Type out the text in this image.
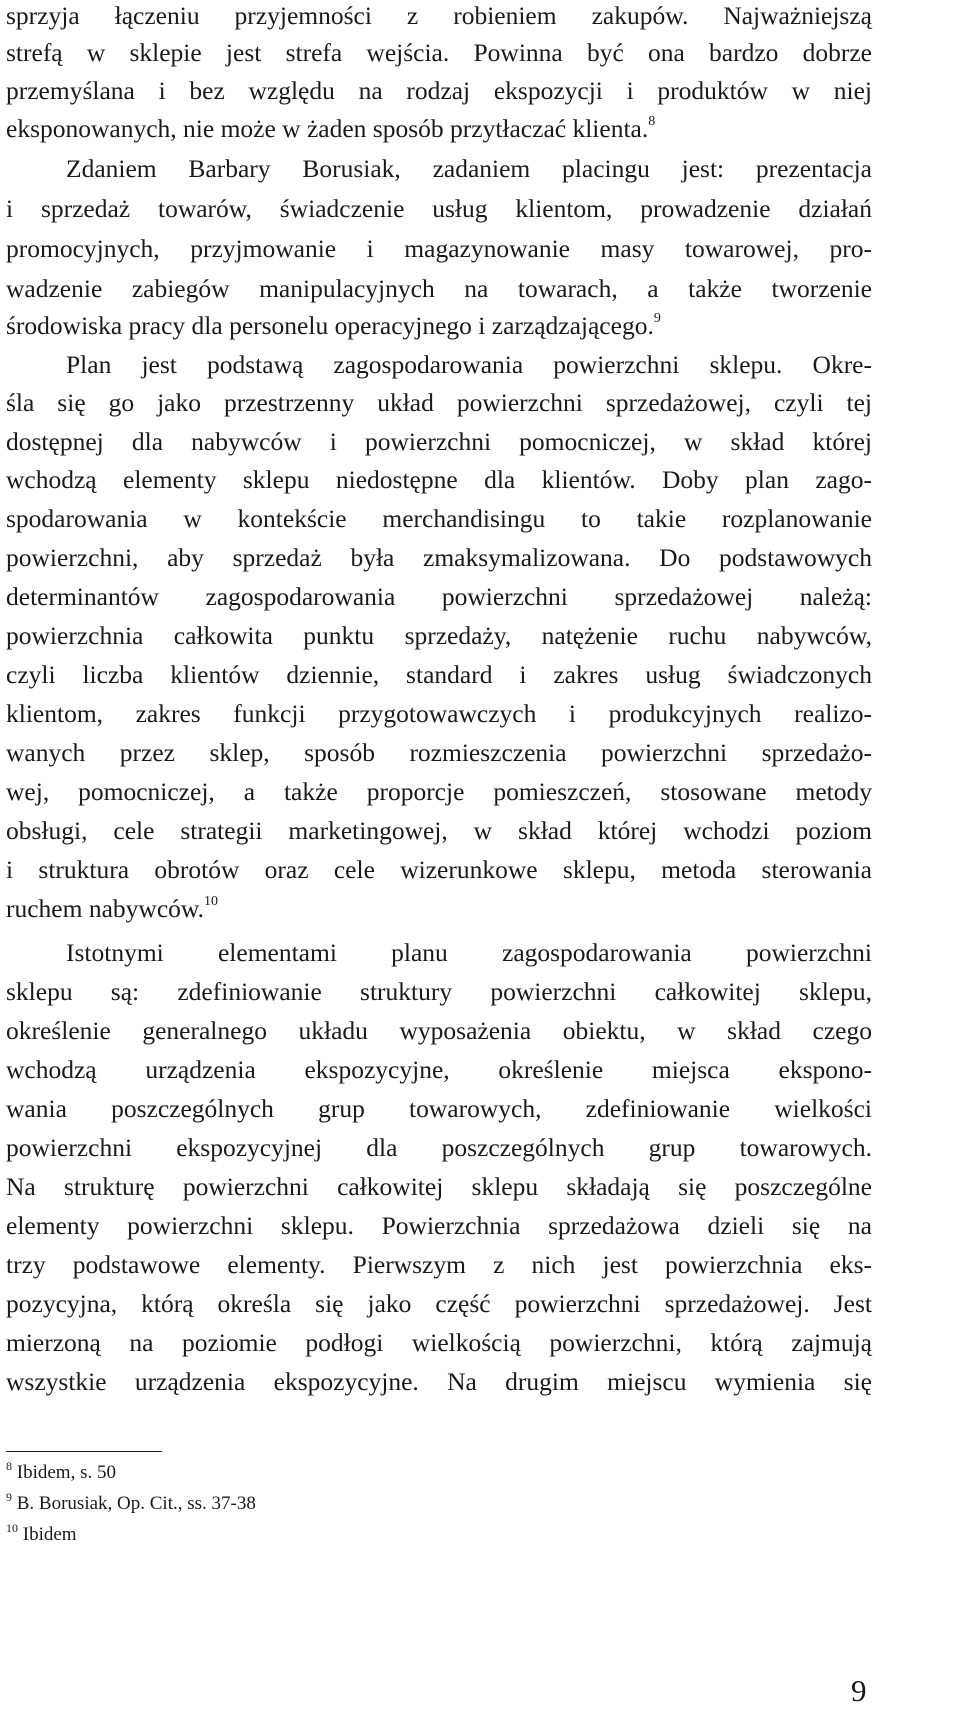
sprzyja łączeniu przyjemności z robieniem zakupów. Najważniejszą
strefą w sklepie jest strefa wejścia. Powinna być ona bardzo dobrze
przemyślana i bez względu na rodzaj ekspozycji i produktów w niej
eksponowanych, nie może w żaden sposób przytłaczać klienta.$^8$
Zdaniem Barbary Borusiak, zadaniem placingu jest: prezentacja
i sprzedaż towarów, świadczenie usług klientom, prowadzenie działań
promocyjnych, przyjmowanie i magazynowanie masy towarowej, pro-
wadzenie zabiegów manipulacyjnych na towarach, a także tworzenie
środowiska pracy dla personelu operacyjnego i zarządzającego.$^9$
Plan jest podstawą zagospodarowania powierzchni sklepu. Okre-
śla się go jako przestrzenny układ powierzchni sprzedażowej, czyli tej
dostępnej dla nabywców i powierzchni pomocniczej, w skład której
wchodzą elementy sklepu niedostępne dla klientów. Doby plan zago-
spodarowania w kontekście merchandisingu to takie rozplanowanie
powierzchni, aby sprzedaż była zmaksymalizowana. Do podstawowych
determinantów zagospodarowania powierzchni sprzedażowej należą:
powierzchnia całkowita punktu sprzedaży, natężenie ruchu nabywców,
czyli liczba klientów dziennie, standard i zakres usług świadczonych
klientom, zakres funkcji przygotowawczych i produkcyjnych realizo-
wanych przez sklep, sposób rozmieszczenia powierzchni sprzedażo-
wej, pomocniczej, a także proporcje pomieszczeń, stosowane metody
obsługi, cele strategii marketingowej, w skład której wchodzi poziom
i struktura obrotów oraz cele wizerunkowe sklepu, metoda sterowania
ruchem nabywców.$^{10}$
Istotnymi elementami planu zagospodarowania powierzchni
sklepu są: zdefiniowanie struktury powierzchni całkowitej sklepu,
określenie generalnego układu wyposażenia obiektu, w skład czego
wchodzą urządzenia ekspozycyjne, określenie miejsca ekspono-
wania poszczególnych grup towarowych, zdefiniowanie wielkości
powierzchni ekspozycyjnej dla poszczególnych grup towarowych.
Na strukturę powierzchni całkowitej sklepu składają się poszczególne
elementy powierzchni sklepu. Powierzchnia sprzedażowa dzieli się na
trzy podstawowe elementy. Pierwszym z nich jest powierzchnia eks-
pozycyjna, którą określa się jako część powierzchni sprzedażowej. Jest
mierzoną na poziomie podłogi wielkością powierzchni, którą zajmują
wszystkie urządzenia ekspozycyjne. Na drugim miejscu wymienia się
$^8$ Ibidem, s. 50
$^9$ B. Borusiak, Op. Cit., ss. 37-38
$^{10}$ Ibidem
9
